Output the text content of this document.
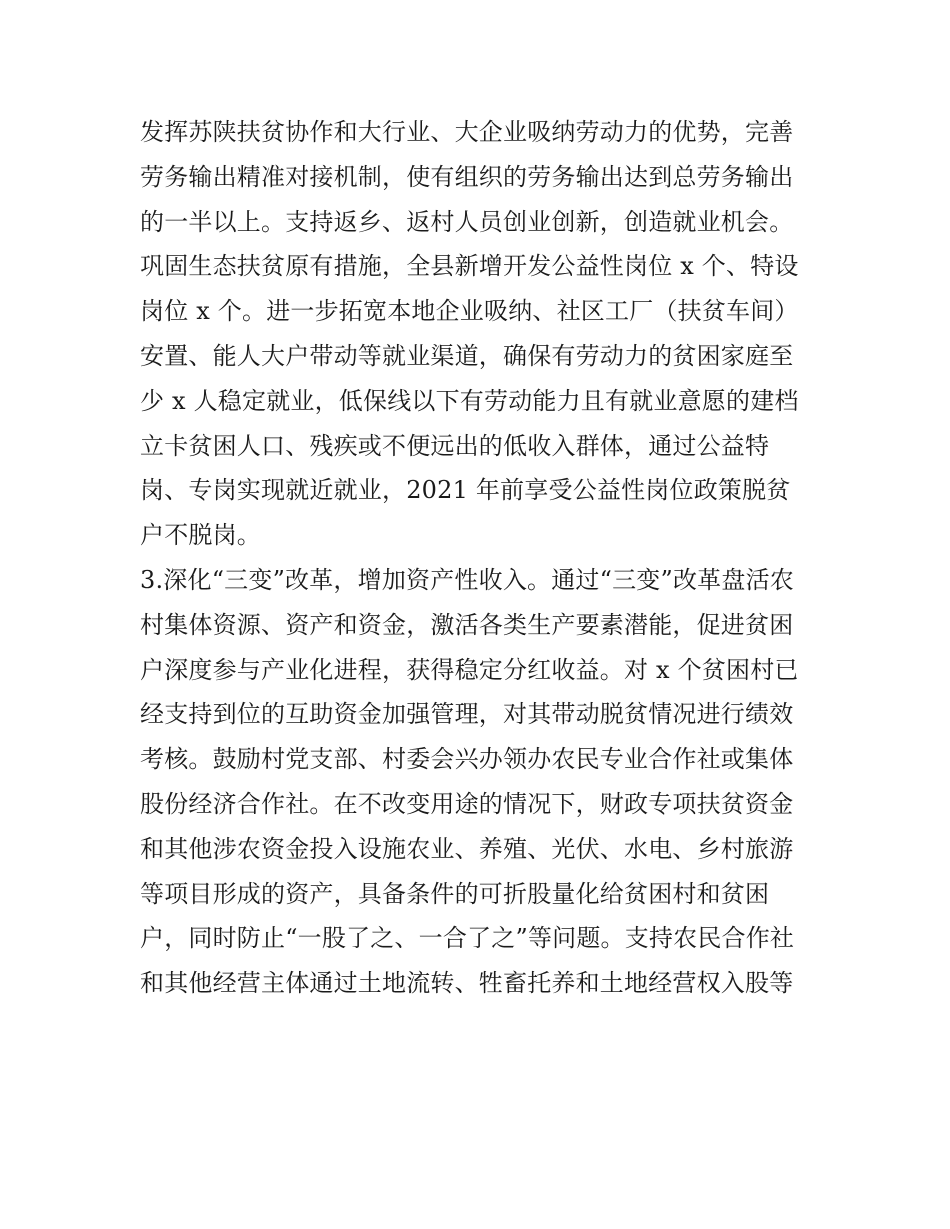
发挥苏陕扶贫协作和大行业、大企业吸纳劳动力的优势，完善
劳务输出精准对接机制，使有组织的劳务输出达到总劳务输出
的一半以上。支持返乡、返村人员创业创新，创造就业机会。
巩固生态扶贫原有措施，全县新增开发公益性岗位 x 个、特设
岗位 x 个。进一步拓宽本地企业吸纳、社区工厂（扶贫车间）
安置、能人大户带动等就业渠道，确保有劳动力的贫困家庭至
少 x 人稳定就业，低保线以下有劳动能力且有就业意愿的建档
立卡贫困人口、残疾或不便远出的低收入群体，通过公益特
岗、专岗实现就近就业，2021 年前享受公益性岗位政策脱贫
户不脱岗。
3.深化“三变”改革，增加资产性收入。通过“三变”改革盘活农
村集体资源、资产和资金，激活各类生产要素潜能，促进贫困
户深度参与产业化进程，获得稳定分红收益。对 x 个贫困村已
经支持到位的互助资金加强管理，对其带动脱贫情况进行绩效
考核。鼓励村党支部、村委会兴办领办农民专业合作社或集体
股份经济合作社。在不改变用途的情况下，财政专项扶贫资金
和其他涉农资金投入设施农业、养殖、光伏、水电、乡村旅游
等项目形成的资产，具备条件的可折股量化给贫困村和贫困
户，同时防止“一股了之、一合了之”等问题。支持农民合作社
和其他经营主体通过土地流转、牲畜托养和土地经营权入股等
